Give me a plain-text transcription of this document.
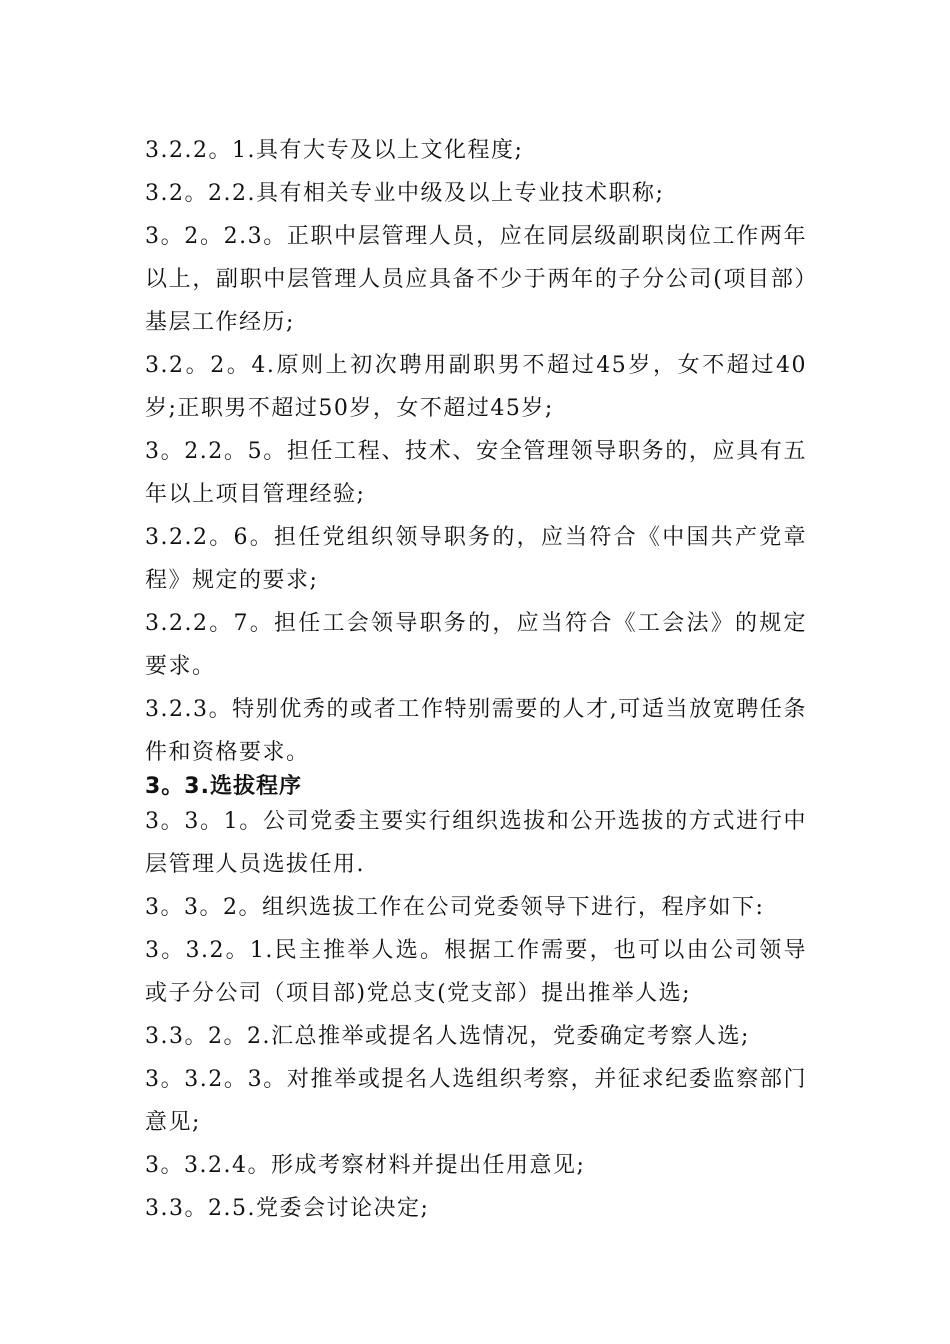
3.2.2。1.具有大专及以上文化程度;

3.2。2.2.具有相关专业中级及以上专业技术职称;

3。2。2.3。正职中层管理人员，应在同层级副职岗位工作两年以上，副职中层管理人员应具备不少于两年的子分公司(项目部）基层工作经历;

3.2。2。4.原则上初次聘用副职男不超过45岁，女不超过40岁;正职男不超过50岁，女不超过45岁;

3。2.2。5。担任工程、技术、安全管理领导职务的，应具有五年以上项目管理经验;

3.2.2。6。担任党组织领导职务的，应当符合《中国共产党章程》规定的要求;

3.2.2。7。担任工会领导职务的，应当符合《工会法》的规定要求。

3.2.3。特别优秀的或者工作特别需要的人才,可适当放宽聘任条件和资格要求。

3。3.选拔程序

3。3。1。公司党委主要实行组织选拔和公开选拔的方式进行中层管理人员选拔任用.

3。3。2。组织选拔工作在公司党委领导下进行，程序如下:

3。3.2。1.民主推举人选。根据工作需要，也可以由公司领导或子分公司（项目部)党总支(党支部）提出推举人选;

3.3。2。2.汇总推举或提名人选情况，党委确定考察人选;

3。3.2。3。对推举或提名人选组织考察，并征求纪委监察部门意见;

3。3.2.4。形成考察材料并提出任用意见;

3.3。2.5.党委会讨论决定;
